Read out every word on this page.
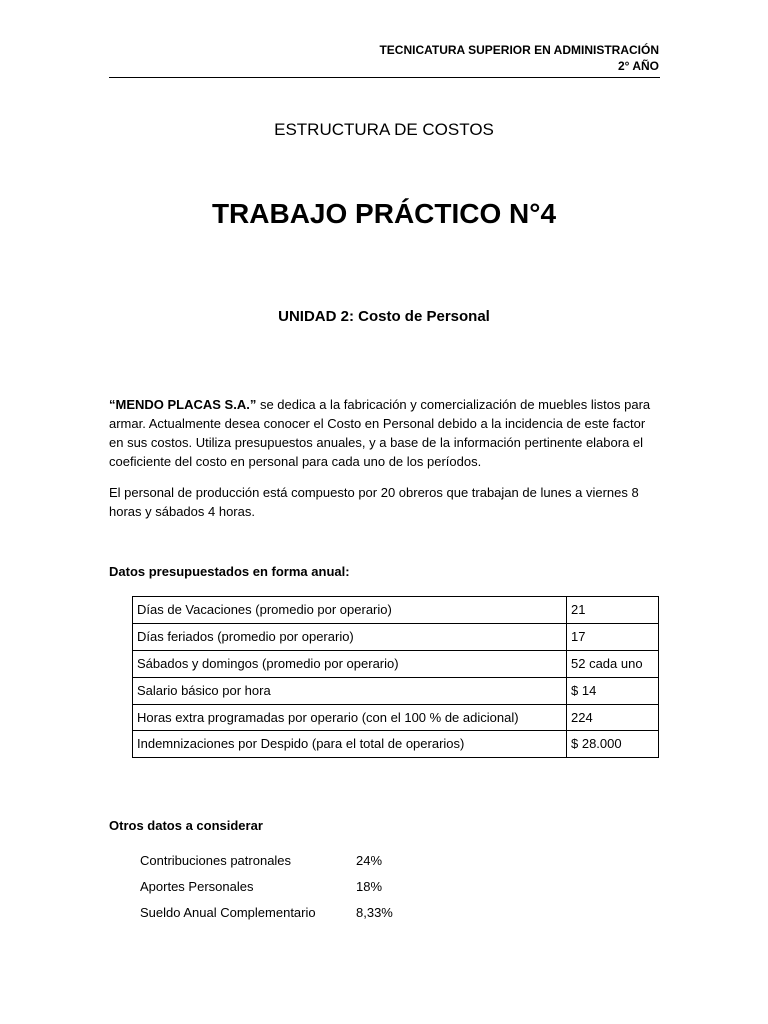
TECNICATURA SUPERIOR EN ADMINISTRACIÓN
2° AÑO
ESTRUCTURA DE COSTOS
TRABAJO PRÁCTICO N°4
UNIDAD 2: Costo de Personal
“MENDO PLACAS S.A.” se dedica a la fabricación y comercialización de muebles listos para armar. Actualmente desea conocer el Costo en Personal debido a la incidencia de este factor en sus costos. Utiliza presupuestos anuales, y a base de la información pertinente elabora el coeficiente del costo en personal para cada uno de los períodos.
El personal de producción está compuesto por 20 obreros que trabajan de lunes a viernes 8 horas y sábados 4 horas.
Datos presupuestados en forma anual:
Días de Vacaciones (promedio por operario)	21
Días feriados (promedio por operario)	17
Sábados y domingos (promedio por operario)	52 cada uno
Salario básico por hora	$ 14
Horas extra programadas por operario (con el 100 % de adicional)	224
Indemnizaciones por Despido (para el total de operarios)	$ 28.000
Otros datos a considerar
Contribuciones patronales	24%
Aportes Personales	18%
Sueldo Anual Complementario	8,33%
